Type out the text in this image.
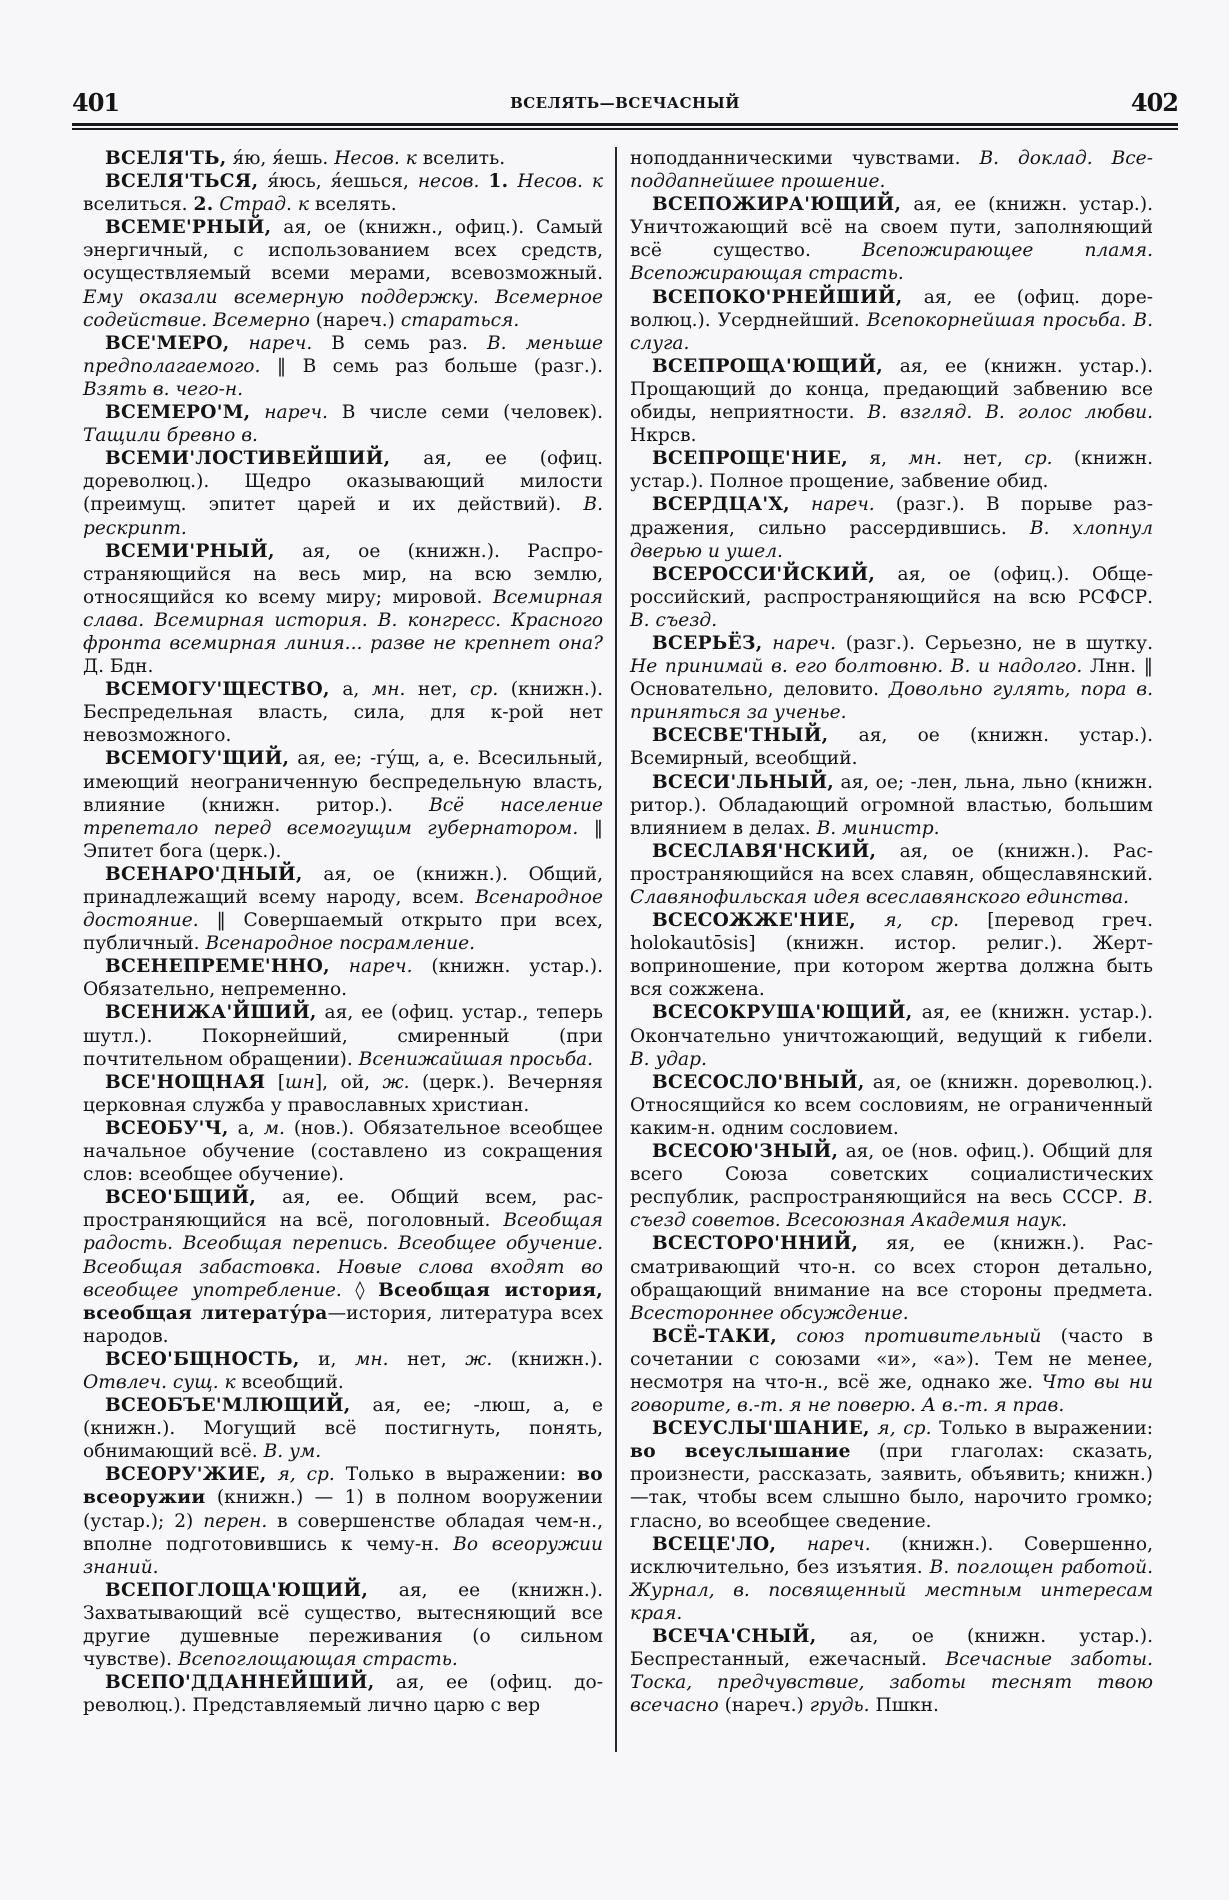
401	ВСЕЛЯТЬ—ВСЕЧАСНЫЙ	402

ВСЕЛЯ'ТЬ, я́ю, я́ешь. Несов. к вселить.

ВСЕЛЯ'ТЬСЯ, я́юсь, я́ешься, несов. 1. Несов. к вселиться. 2. Страд. к вселять.

ВСЕМЕ'РНЫЙ, ая, ое (книжн., офиц.). Самый энергичный, с использованием всех средств, осуществляемый всеми мерами, всевозможный. Ему оказали всемерную поддержку. Всемерное содействие. Всемерно (нареч.) стараться.

ВСЕ'МЕРО, нареч. В семь раз. В. меньше предполагаемого. ‖ В семь раз больше (разг.). Взять в. чего-н.

ВСЕМЕРО'М, нареч. В числе семи (человек). Тащили бревно в.

ВСЕМИ'ЛОСТИВЕЙШИЙ, ая, ее (офиц. дореволюц.). Щедро оказывающий милости (преимущ. эпитет царей и их действий). В. рескрипт.

ВСЕМИ'РНЫЙ, ая, ое (книжн.). Распространяющийся на весь мир, на всю землю, относящийся ко всему миру; мировой. Всемирная слава. Всемирная история. В. конгресс. Красного фронта всемирная линия... разве не крепнет она? Д. Бдн.

ВСЕМОГУ'ЩЕСТВО, а, мн. нет, ср. (книжн.). Беспредельная власть, сила, для к-рой нет невозможного.

ВСЕМОГУ'ЩИЙ, ая, ее; -гу́щ, а, е. Всесильный, имеющий неограниченную беспредельную власть, влияние (книжн. ритор.). Всё население трепетало перед всемогущим губернатором. ‖ Эпитет бога (церк.).

ВСЕНАРО'ДНЫЙ, ая, ое (книжн.). Общий, принадлежащий всему народу, всем. Всенародное достояние. ‖ Совершаемый открыто при всех, публичный. Всенародное посрамление.

ВСЕНЕПРЕМЕ'ННО, нареч. (книжн. устар.). Обязательно, непременно.

ВСЕНИЖА'ЙШИЙ, ая, ее (офиц. устар., теперь шутл.). Покорнейший, смиренный (при почтительном обращении). Всенижайшая просьба.

ВСЕ'НОЩНАЯ [шн], ой, ж. (церк.). Вечерняя церковная служба у православных христиан.

ВСЕОБУ'Ч, а, м. (нов.). Обязательное всеобщее начальное обучение (составлено из сокращения слов: всеобщее обучение).

ВСЕО'БЩИЙ, ая, ее. Общий всем, распространяющийся на всё, поголовный. Всеобщая радость. Всеобщая перепись. Всеобщее обучение. Всеобщая забастовка. Новые слова входят во всеобщее употребление. ◊ Всеобщая история, всеобщая литерату́ра—история, литература всех народов.

ВСЕО'БЩНОСТЬ, и, мн. нет, ж. (книжн.). Отвлеч. сущ. к всеобщий.

ВСЕОБЪЕ'МЛЮЩИЙ, ая, ее; -люш, а, е (книжн.). Могущий всё постигнуть, понять, обнимающий всё. В. ум.

ВСЕОРУ'ЖИЕ, я, ср. Только в выражении: во всеоружии (книжн.) — 1) в полном вооружении (устар.); 2) перен. в совершенстве обладая чем-н., вполне подготовившись к чему-н. Во всеоружии знаний.

ВСЕПОГЛОЩА'ЮЩИЙ, ая, ее (книжн.). Захватывающий всё существо, вытесняющий все другие душевные переживания (о сильном чувстве). Всепоглощающая страсть.

ВСЕПО'ДДАННЕЙШИЙ, ая, ее (офиц. дореволюц.). Представляемый лично царю с вер

ноподданническими чувствами. В. доклад. Всеподдапнейшее прошение.

ВСЕПОЖИРА'ЮЩИЙ, ая, ее (книжн. устар.). Уничтожающий всё на своем пути, заполняющий всё существо. Всепожирающее пламя. Всепожирающая страсть.

ВСЕПОКО'РНЕЙШИЙ, ая, ее (офиц. дореволюц.). Усерднейший. Всепокорнейшая просьба. В. слуга.

ВСЕПРОЩА'ЮЩИЙ, ая, ее (книжн. устар.). Прощающий до конца, предающий забвению все обиды, неприятности. В. взгляд. В. голос любви. Нкрсв.

ВСЕПРОЩЕ'НИЕ, я, мн. нет, ср. (книжн. устар.). Полное прощение, забвение обид.

ВСЕРДЦА'Х, нареч. (разг.). В порыве раздражения, сильно рассердившись. В. хлопнул дверью и ушел.

ВСЕРОССИ'ЙСКИЙ, ая, ое (офиц.). Общероссийский, распространяющийся на всю РСФСР. В. съезд.

ВСЕРЬЁЗ, нареч. (разг.). Серьезно, не в шутку. Не принимай в. его болтовню. В. и надолго. Лнн. ‖ Основательно, деловито. Довольно гулять, пора в. приняться за ученье.

ВСЕСВЕ'ТНЫЙ, ая, ое (книжн. устар.). Всемирный, всеобщий.

ВСЕСИ'ЛЬНЫЙ, ая, ое; -лен, льна, льно (книжн. ритор.). Обладающий огромной властью, большим влиянием в делах. В. министр.

ВСЕСЛАВЯ'НСКИЙ, ая, ое (книжн.). Распространяющийся на всех славян, общеславянский. Славянофильская идея всеславянского единства.

ВСЕСОЖЖЕ'НИЕ, я, ср. [перевод греч. holokautōsis] (книжн. истор. религ.). Жертвоприношение, при котором жертва должна быть вся сожжена.

ВСЕСОКРУША'ЮЩИЙ, ая, ее (книжн. устар.). Окончательно уничтожающий, ведущий к гибели. В. удар.

ВСЕСОСЛО'ВНЫЙ, ая, ое (книжн. дореволюц.). Относящийся ко всем сословиям, не ограниченный каким-н. одним сословием.

ВСЕСОЮ'ЗНЫЙ, ая, ое (нов. офиц.). Общий для всего Союза советских социалистических республик, распространяющийся на весь СССР. В. съезд советов. Всесоюзная Академия наук.

ВСЕСТОРО'ННИЙ, яя, ее (книжн.). Рассматривающий что-н. со всех сторон детально, обращающий внимание на все стороны предмета. Всестороннее обсуждение.

ВСЁ-ТАКИ, союз противительный (часто в сочетании с союзами «и», «а»). Тем не менее, несмотря на что-н., всё же, однако же. Что вы ни говорите, в.-т. я не поверю. А в.-т. я прав.

ВСЕУСЛЫ'ШАНИЕ, я, ср. Только в выражении: во всеуслышание (при глаголах: сказать, произнести, рассказать, заявить, объявить; книжн.)—так, чтобы всем слышно было, нарочито громко; гласно, во всеобщее сведение.

ВСЕЦЕ'ЛО, нареч. (книжн.). Совершенно, исключительно, без изъятия. В. поглощен работой. Журнал, в. посвященный местным интересам края.

ВСЕЧА'СНЫЙ, ая, ое (книжн. устар.). Беспрестанный, ежечасный. Всечасные заботы. Тоска, предчувствие, заботы теснят твою всечасно (нареч.) грудь. Пшкн.
